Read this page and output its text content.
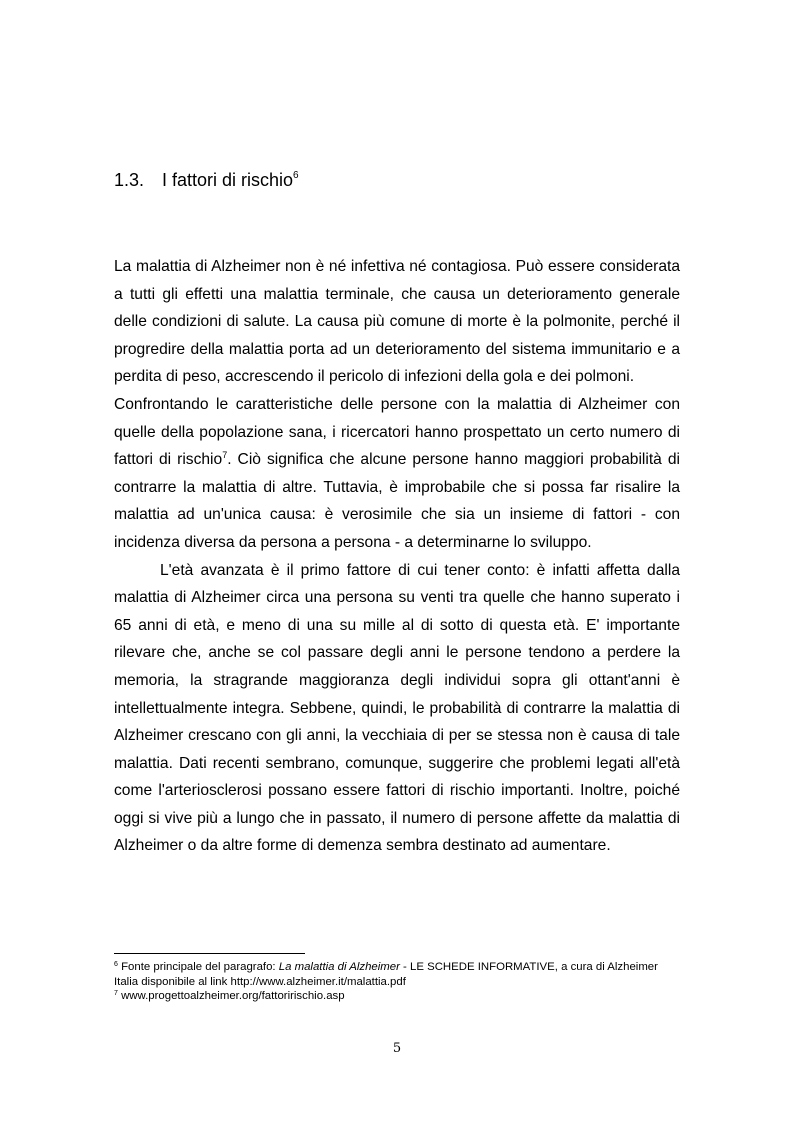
1.3. I fattori di rischio$^6$

La malattia di Alzheimer non è né infettiva né contagiosa. Può essere considerata a tutti gli effetti una malattia terminale, che causa un deterioramento generale delle condizioni di salute. La causa più comune di morte è la polmonite, perché il progredire della malattia porta ad un deterioramento del sistema immunitario e a perdita di peso, accrescendo il pericolo di infezioni della gola e dei polmoni.

Confrontando le caratteristiche delle persone con la malattia di Alzheimer con quelle della popolazione sana, i ricercatori hanno prospettato un certo numero di fattori di rischio$^7$. Ciò significa che alcune persone hanno maggiori probabilità di contrarre la malattia di altre. Tuttavia, è improbabile che si possa far risalire la malattia ad un'unica causa: è verosimile che sia un insieme di fattori - con incidenza diversa da persona a persona - a determinarne lo sviluppo.

L'età avanzata è il primo fattore di cui tener conto: è infatti affetta dalla malattia di Alzheimer circa una persona su venti tra quelle che hanno superato i 65 anni di età, e meno di una su mille al di sotto di questa età. E' importante rilevare che, anche se col passare degli anni le persone tendono a perdere la memoria, la stragrande maggioranza degli individui sopra gli ottant'anni è intellettualmente integra. Sebbene, quindi, le probabilità di contrarre la malattia di Alzheimer crescano con gli anni, la vecchiaia di per se stessa non è causa di tale malattia. Dati recenti sembrano, comunque, suggerire che problemi legati all'età come l'arteriosclerosi possano essere fattori di rischio importanti. Inoltre, poiché oggi si vive più a lungo che in passato, il numero di persone affette da malattia di Alzheimer o da altre forme di demenza sembra destinato ad aumentare.

$^6$ Fonte principale del paragrafo: La malattia di Alzheimer - LE SCHEDE INFORMATIVE, a cura di Alzheimer Italia disponibile al link http://www.alzheimer.it/malattia.pdf

$^7$ www.progettoalzheimer.org/fattoririschio.asp

5
